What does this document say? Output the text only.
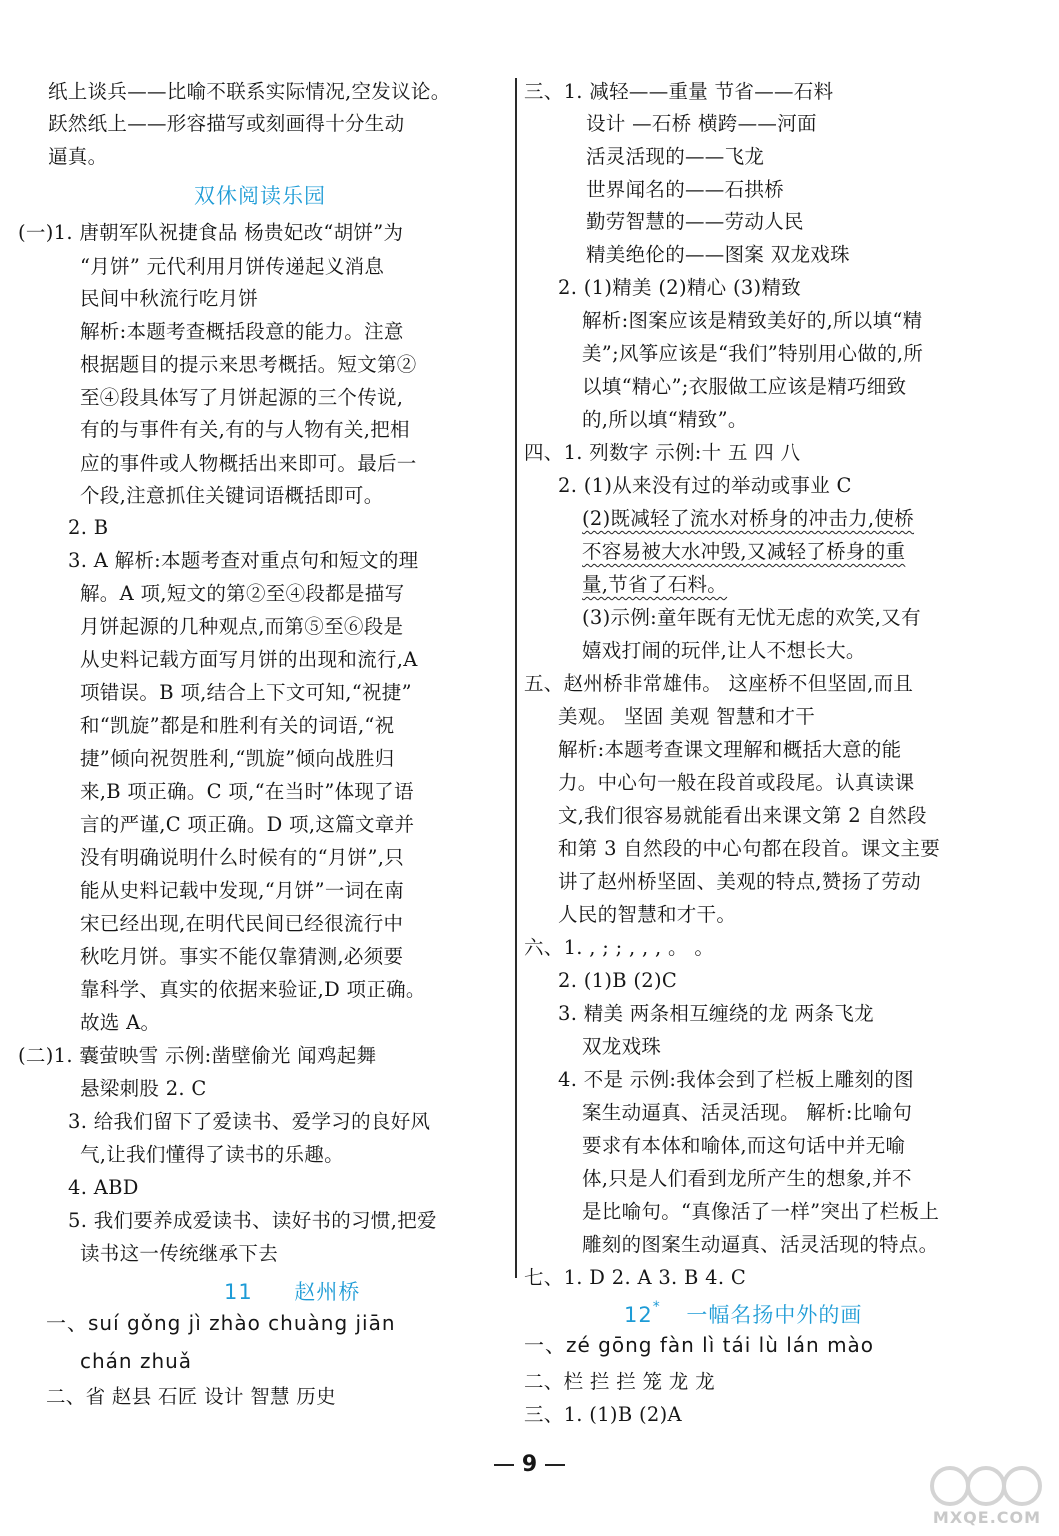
纸上谈兵——比喻不联系实际情况,空发议论。
跃然纸上——形容描写或刻画得十分生动
逼真。
双休阅读乐园
(一)1. 唐朝军队祝捷食品 杨贵妃改“胡饼”为
“月饼” 元代利用月饼传递起义消息
民间中秋流行吃月饼
解析:本题考查概括段意的能力。注意
根据题目的提示来思考概括。短文第②
至④段具体写了月饼起源的三个传说,
有的与事件有关,有的与人物有关,把相
应的事件或人物概括出来即可。最后一
个段,注意抓住关键词语概括即可。
2. B
3. A 解析:本题考查对重点句和短文的理
解。A 项,短文的第②至④段都是描写
月饼起源的几种观点,而第⑤至⑥段是
从史料记载方面写月饼的出现和流行,A
项错误。B 项,结合上下文可知,“祝捷”
和“凯旋”都是和胜利有关的词语,“祝
捷”倾向祝贺胜利,“凯旋”倾向战胜归
来,B 项正确。C 项,“在当时”体现了语
言的严谨,C 项正确。D 项,这篇文章并
没有明确说明什么时候有的“月饼”,只
能从史料记载中发现,“月饼”一词在南
宋已经出现,在明代民间已经很流行中
秋吃月饼。事实不能仅靠猜测,必须要
靠科学、真实的依据来验证,D 项正确。
故选 A。
(二)1. 囊萤映雪 示例:凿壁偷光 闻鸡起舞
悬梁刺股 2. C
3. 给我们留下了爱读书、爱学习的良好风
气,让我们懂得了读书的乐趣。
4. ABD
5. 我们要养成爱读书、读好书的习惯,把爱
读书这一传统继承下去
11 赵州桥
一、suí gǒng jì zhào chuàng jiān
chán zhuǎ
二、省 赵县 石匠 设计 智慧 历史
三、1. 减轻——重量 节省——石料
设计 —石桥 横跨——河面
活灵活现的——飞龙
世界闻名的——石拱桥
勤劳智慧的——劳动人民
精美绝伦的——图案 双龙戏珠
2. (1)精美 (2)精心 (3)精致
解析:图案应该是精致美好的,所以填“精
美”;风筝应该是“我们”特别用心做的,所
以填“精心”;衣服做工应该是精巧细致
的,所以填“精致”。
四、1. 列数字 示例:十 五 四 八
2. (1)从来没有过的举动或事业 C
(2)既减轻了流水对桥身的冲击力,使桥
不容易被大水冲毁,又减轻了桥身的重
量,节省了石料。
(3)示例:童年既有无忧无虑的欢笑,又有
嬉戏打闹的玩伴,让人不想长大。
五、赵州桥非常雄伟。 这座桥不但坚固,而且
美观。 坚固 美观 智慧和才干
解析:本题考查课文理解和概括大意的能
力。中心句一般在段首或段尾。认真读课
文,我们很容易就能看出来课文第 2 自然段
和第 3 自然段的中心句都在段首。课文主要
讲了赵州桥坚固、美观的特点,赞扬了劳动
人民的智慧和才干。
六、1. , ; ; , , , 。 。
2. (1)B (2)C
3. 精美 两条相互缠绕的龙 两条飞龙
双龙戏珠
4. 不是 示例:我体会到了栏板上雕刻的图
案生动逼真、活灵活现。 解析:比喻句
要求有本体和喻体,而这句话中并无喻
体,只是人们看到龙所产生的想象,并不
是比喻句。“真像活了一样”突出了栏板上
雕刻的图案生动逼真、活灵活现的特点。
七、1. D 2. A 3. B 4. C
12* 一幅名扬中外的画
一、zé gōng fàn lì tái lù lán mào
二、栏 拦 拦 笼 龙 龙
三、1. (1)B (2)A
9
MXQE.COM
